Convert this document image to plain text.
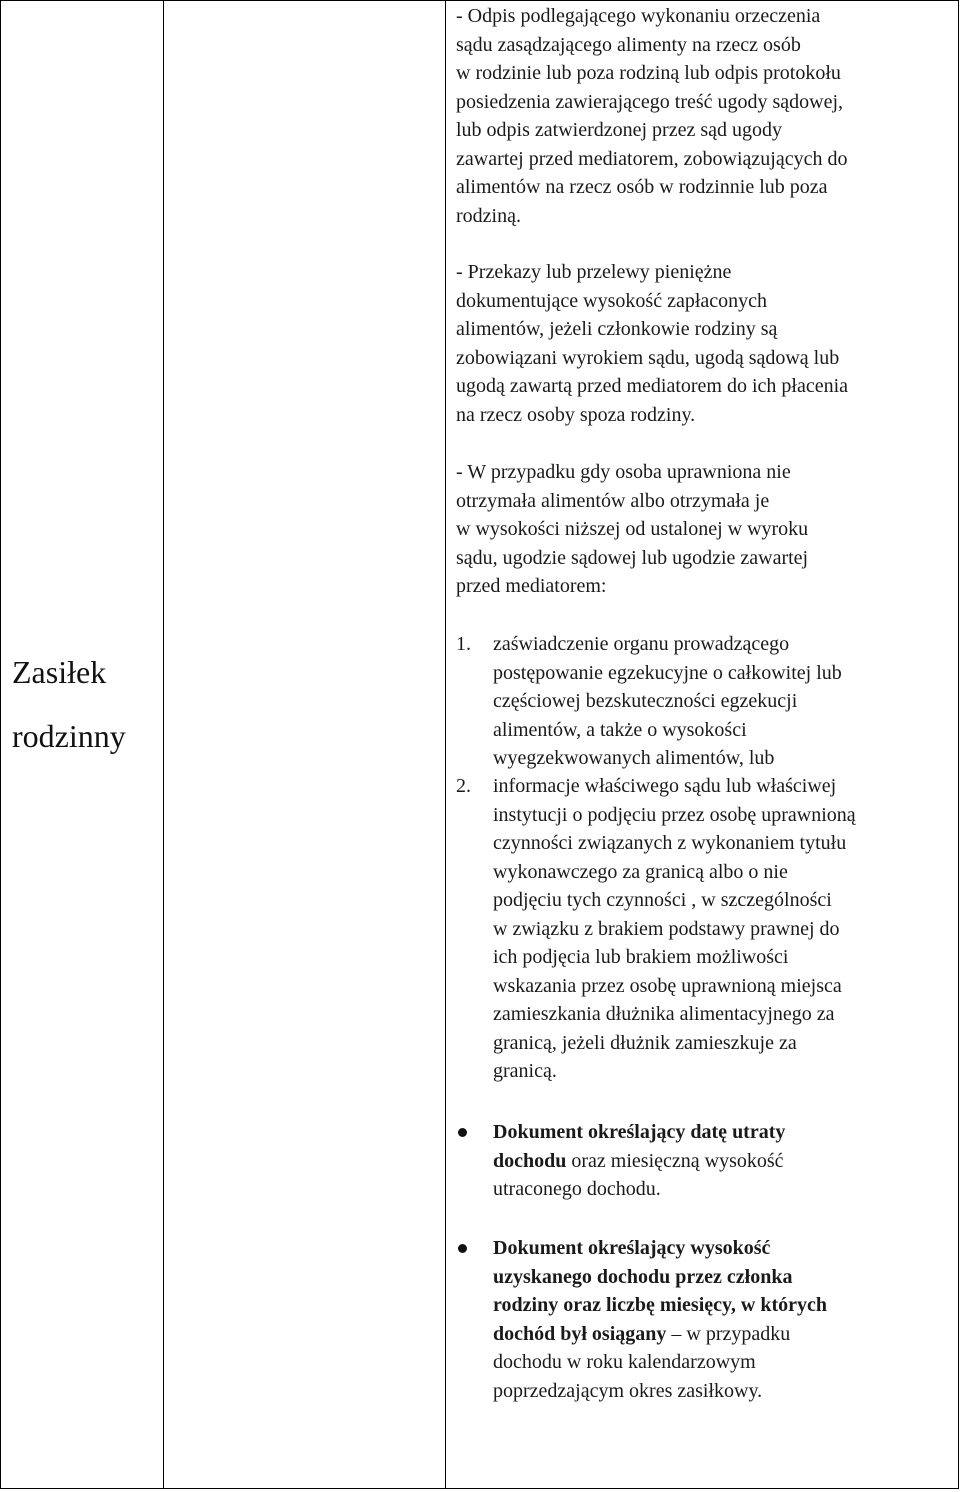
Zasiłek
rodzinny

- Odpis podlegającego wykonaniu orzeczenia
sądu zasądzającego alimenty na rzecz osób
w rodzinie lub poza rodziną lub odpis protokołu
posiedzenia zawierającego treść ugody sądowej,
lub odpis zatwierdzonej przez sąd ugody
zawartej przed mediatorem, zobowiązujących do
alimentów na rzecz osób w rodzinnie lub poza
rodziną.

- Przekazy lub przelewy pieniężne
dokumentujące wysokość zapłaconych
alimentów, jeżeli członkowie rodziny są
zobowiązani wyrokiem sądu, ugodą sądową lub
ugodą zawartą przed mediatorem do ich płacenia
na rzecz osoby spoza rodziny.

- W przypadku gdy osoba uprawniona nie
otrzymała alimentów albo otrzymała je
w wysokości niższej od ustalonej w wyroku
sądu, ugodzie sądowej lub ugodzie zawartej
przed mediatorem:

1.	zaświadczenie organu prowadzącego
postępowanie egzekucyjne o całkowitej lub
częściowej bezskuteczności egzekucji
alimentów, a także o wysokości
wyegzekwowanych alimentów, lub
2.	informacje właściwego sądu lub właściwej
instytucji o podjęciu przez osobę uprawnioną
czynności związanych z wykonaniem tytułu
wykonawczego za granicą albo o nie
podjęciu tych czynności , w szczególności
w związku z brakiem podstawy prawnej do
ich podjęcia lub brakiem możliwości
wskazania przez osobę uprawnioną miejsca
zamieszkania dłużnika alimentacyjnego za
granicą, jeżeli dłużnik zamieszkuje za
granicą.
Dokument określający datę utraty
dochodu oraz miesięczną wysokość
utraconego dochodu.
Dokument określający wysokość
uzyskanego dochodu przez członka
rodziny oraz liczbę miesięcy, w których
dochód był osiągany – w przypadku
dochodu w roku kalendarzowym
poprzedzającym okres zasiłkowy.
